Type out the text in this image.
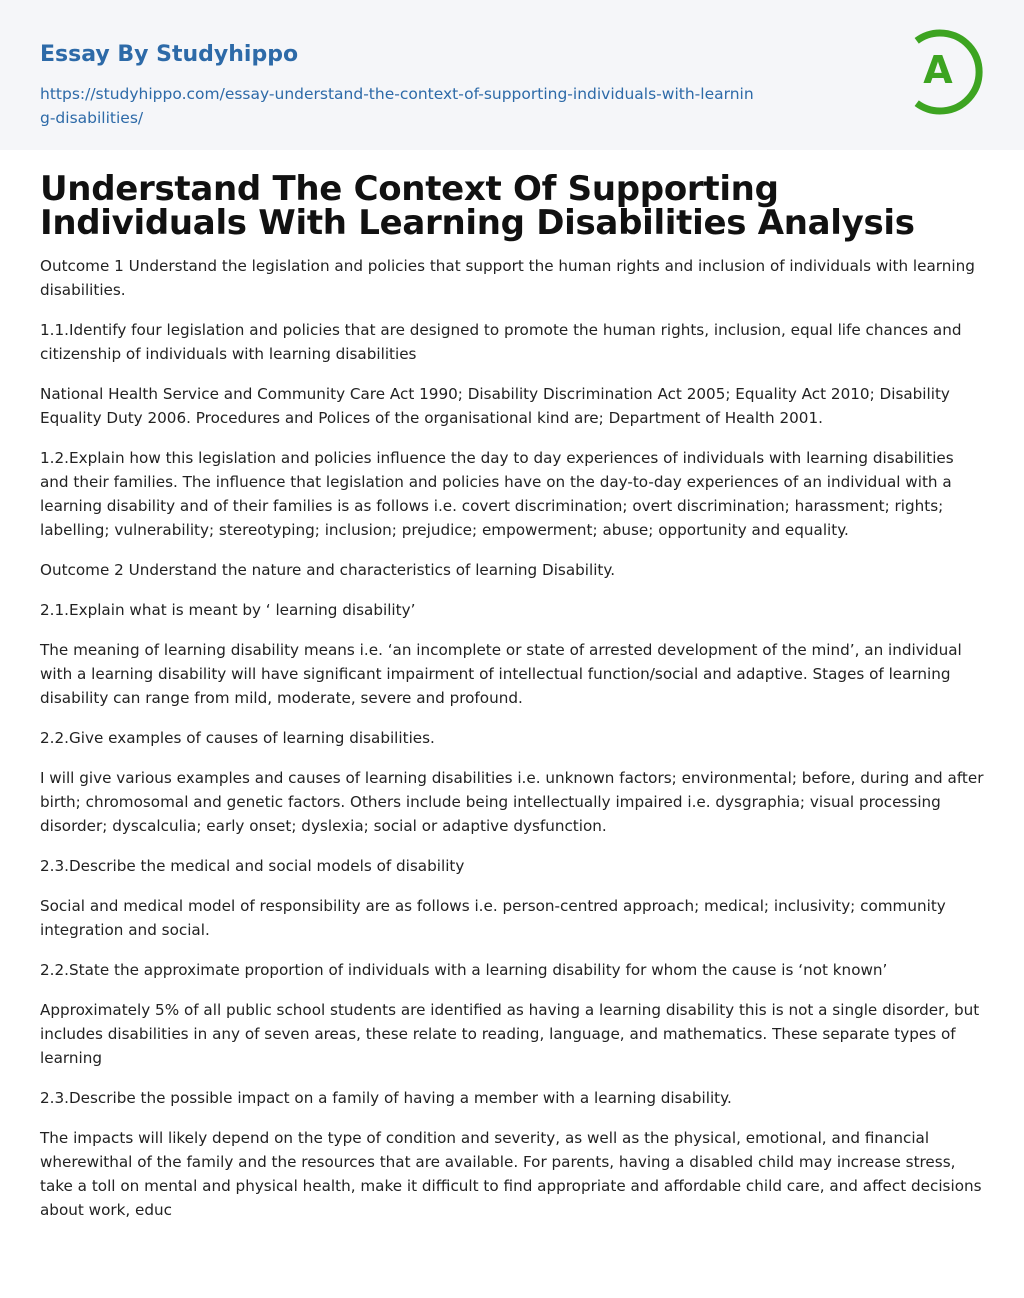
Essay By Studyhippo
https://studyhippo.com/essay-understand-the-context-of-supporting-individuals-with-learning-disabilities/
A
Understand The Context Of Supporting Individuals With Learning Disabilities Analysis

Outcome 1 Understand the legislation and policies that support the human rights and inclusion of individuals with learning disabilities.

1.1.Identify four legislation and policies that are designed to promote the human rights, inclusion, equal life chances and citizenship of individuals with learning disabilities

National Health Service and Community Care Act 1990; Disability Discrimination Act 2005; Equality Act 2010; Disability Equality Duty 2006. Procedures and Polices of the organisational kind are; Department of Health 2001.

1.2.Explain how this legislation and policies influence the day to day experiences of individuals with learning disabilities and their families. The influence that legislation and policies have on the day-to-day experiences of an individual with a learning disability and of their families is as follows i.e. covert discrimination; overt discrimination; harassment; rights; labelling; vulnerability; stereotyping; inclusion; prejudice; empowerment; abuse; opportunity and equality.

Outcome 2 Understand the nature and characteristics of learning Disability.

2.1.Explain what is meant by ‘ learning disability’

The meaning of learning disability means i.e. ‘an incomplete or state of arrested development of the mind’, an individual with a learning disability will have significant impairment of intellectual function/social and adaptive. Stages of learning disability can range from mild, moderate, severe and profound.

2.2.Give examples of causes of learning disabilities.

I will give various examples and causes of learning disabilities i.e. unknown factors; environmental; before, during and after birth; chromosomal and genetic factors. Others include being intellectually impaired i.e. dysgraphia; visual processing disorder; dyscalculia; early onset; dyslexia; social or adaptive dysfunction.

2.3.Describe the medical and social models of disability

Social and medical model of responsibility are as follows i.e. person-centred approach; medical; inclusivity; community integration and social.

2.2.State the approximate proportion of individuals with a learning disability for whom the cause is ‘not known’

Approximately 5% of all public school students are identified as having a learning disability this is not a single disorder, but includes disabilities in any of seven areas, these relate to reading, language, and mathematics. These separate types of learning

2.3.Describe the possible impact on a family of having a member with a learning disability.

The impacts will likely depend on the type of condition and severity, as well as the physical, emotional, and financial wherewithal of the family and the resources that are available. For parents, having a disabled child may increase stress, take a toll on mental and physical health, make it difficult to find appropriate and affordable child care, and affect decisions about work, educ
